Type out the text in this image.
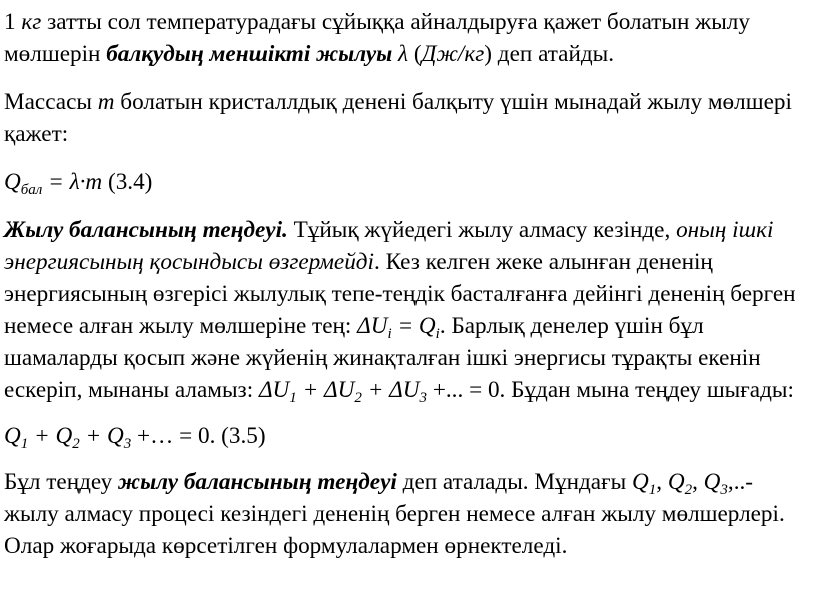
1 кг затты сол температурадағы сұйыққа айналдыруға қажет болатын жылу мөлшерін балқудың меншікті жылуы λ (Дж/кг) деп атайды.

Массасы m болатын кристаллдық денені балқыту үшін мынадай жылу мөлшері қажет:

$Q_{бал} = \lambda\cdot m$ (3.4)

Жылу балансының теңдеуі. Тұйық жүйедегі жылу алмасу кезінде, оның ішкі энергиясының қосындысы өзгермейді. Кез келген жеке алынған дененің энергиясының өзгерісі жылулық тепе-теңдік басталғанға дейінгі дененің берген немесе алған жылу мөлшеріне тең: $\Delta U_i = Q_i$. Барлық денелер үшін бұл шамаларды қосып және жүйенің жинақталған ішкі энергисы тұрақты екенін ескеріп, мынаны аламыз: $\Delta U_1 + \Delta U_2 + \Delta U_3$ +... = 0. Бұдан мына теңдеу шығады:

$Q_1 + Q_2 + Q_3$ +… = 0. (3.5)

Бұл теңдеу жылу балансының теңдеуі деп аталады. Мұндағы $Q_1$, $Q_2$, $Q_3,..-$ жылу алмасу процесі кезіндегі дененің берген немесе алған жылу мөлшерлері. Олар жоғарыда көрсетілген формулалармен өрнектеледі.
